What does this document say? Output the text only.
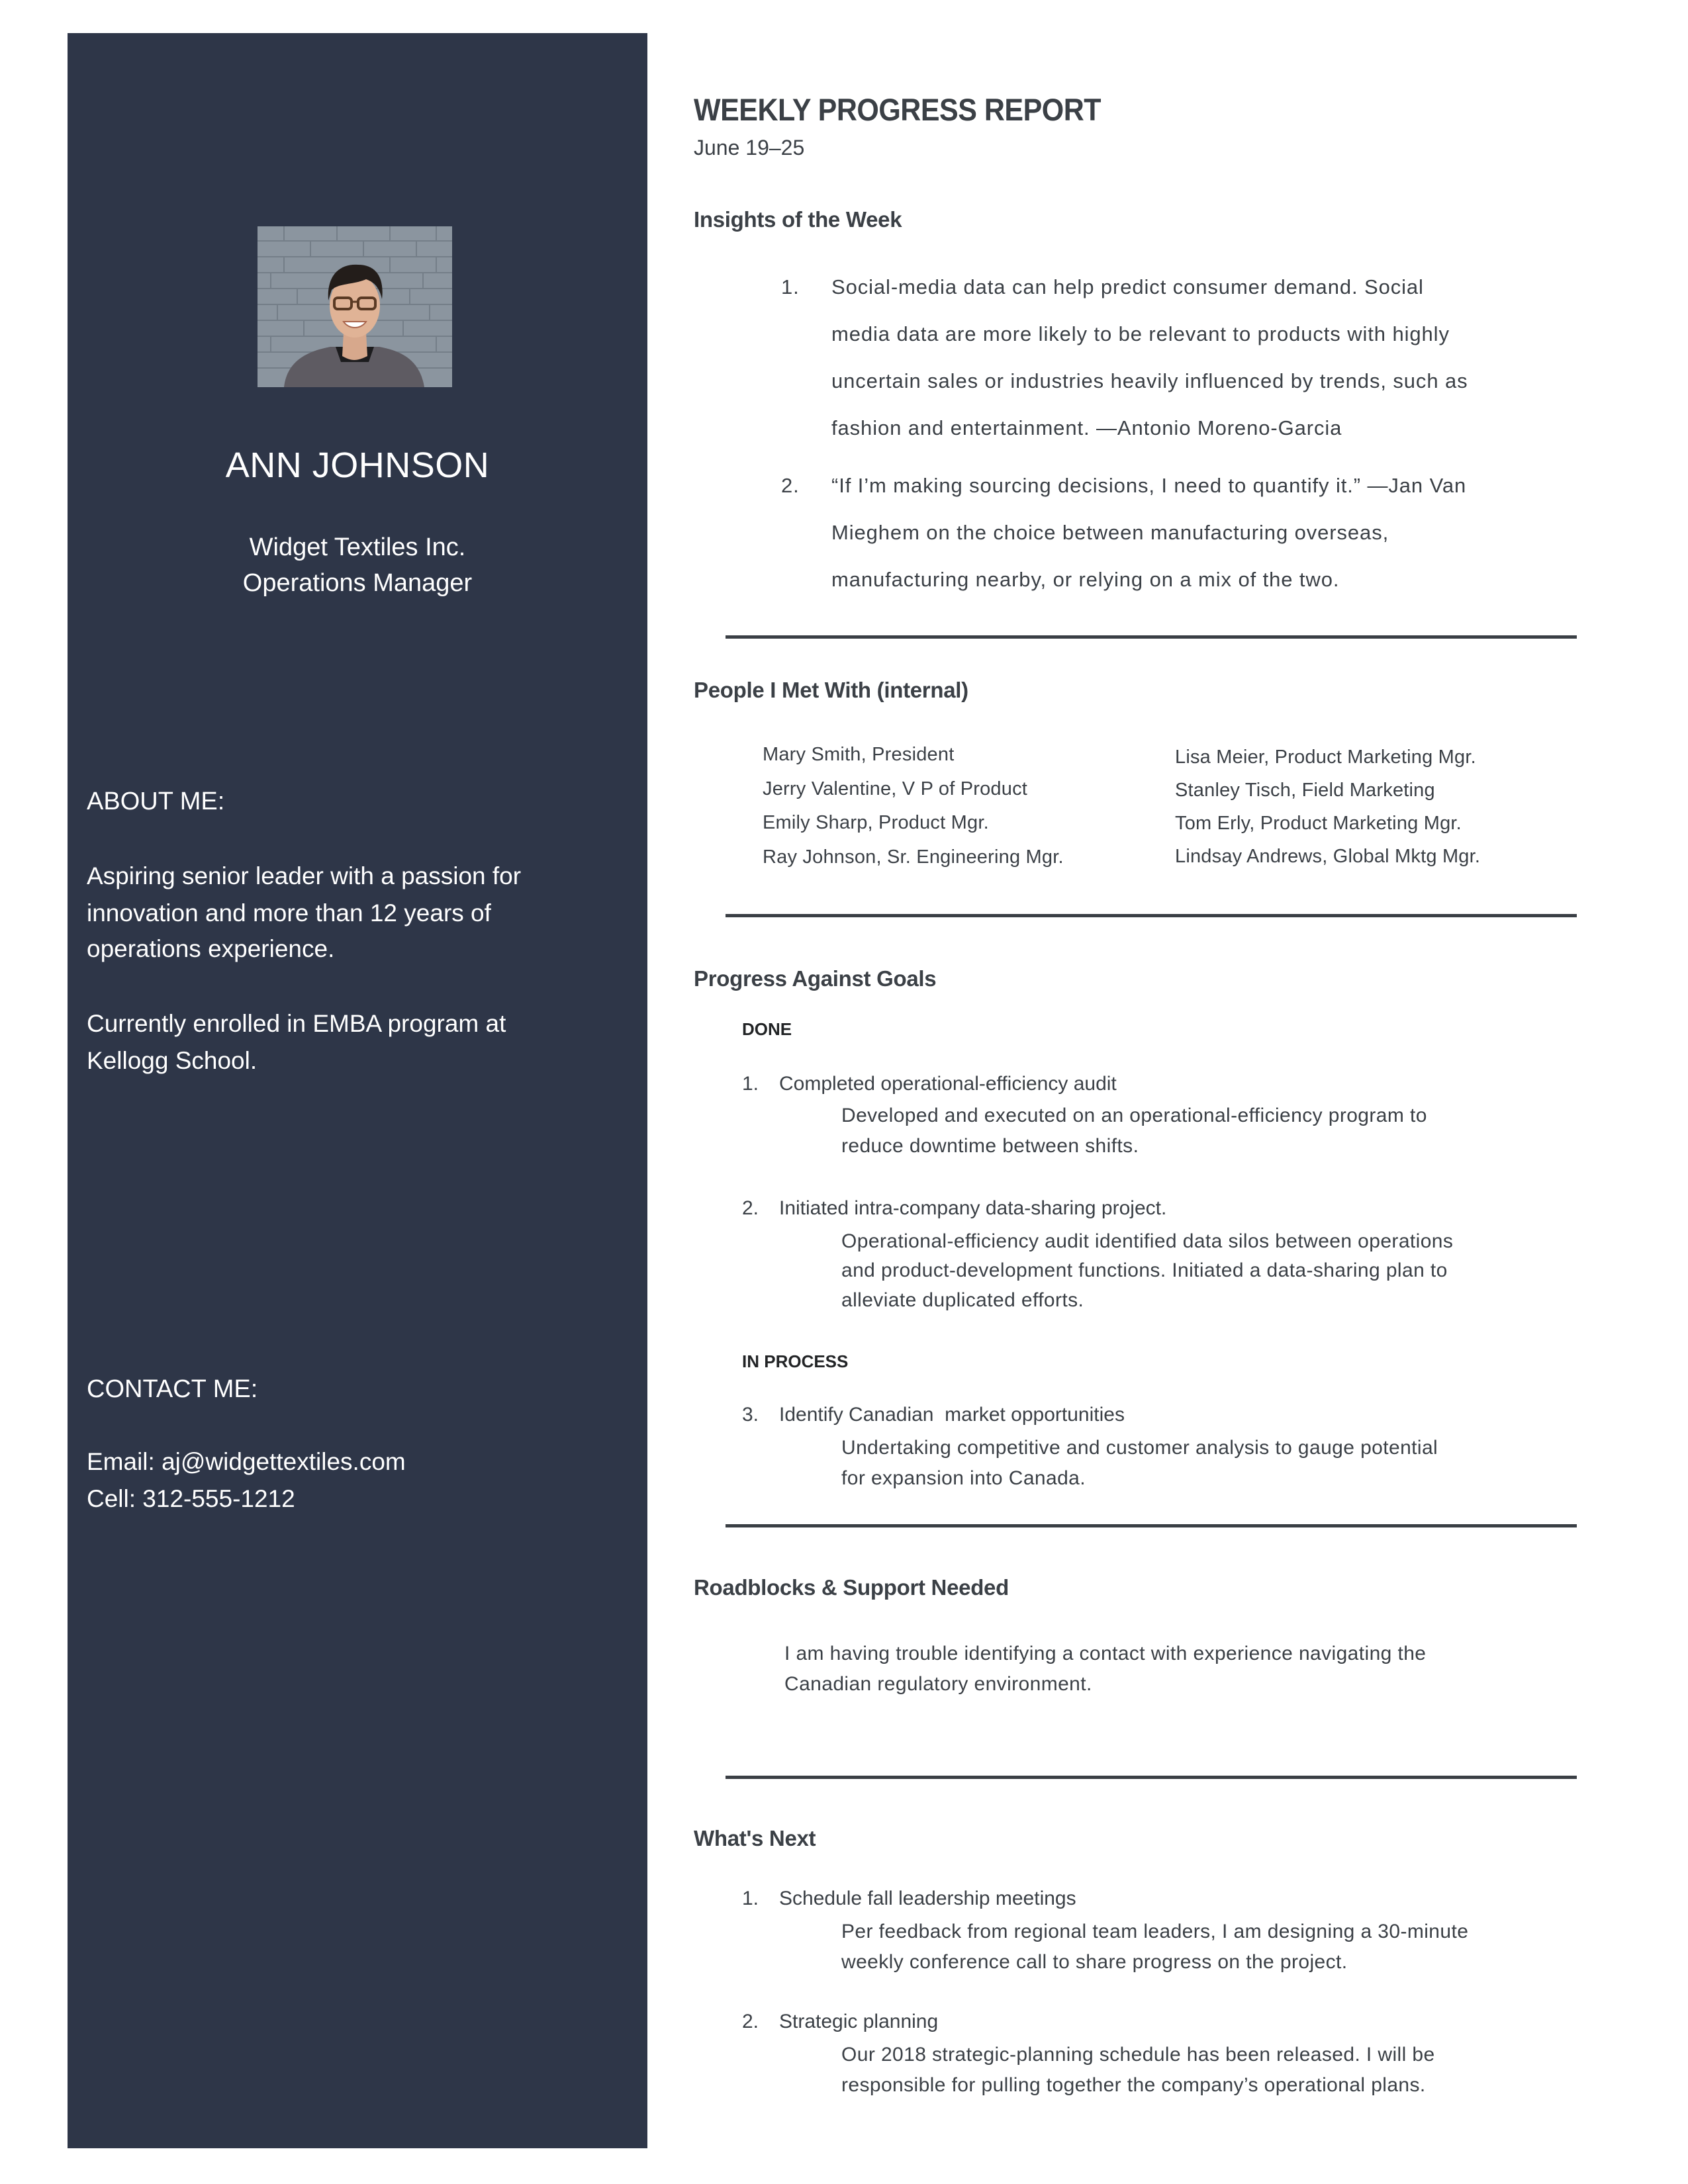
ANN JOHNSON
Widget Textiles Inc.
Operations Manager
ABOUT ME:
Aspiring senior leader with a passion for
innovation and more than 12 years of
operations experience.
Currently enrolled in EMBA program at
Kellogg School.
CONTACT ME:
Email: aj@widgettextiles.com
Cell: 312-555-1212
WEEKLY PROGRESS REPORT
June 19–25
Insights of the Week
1. Social-media data can help predict consumer demand. Social
media data are more likely to be relevant to products with highly
uncertain sales or industries heavily influenced by trends, such as
fashion and entertainment. —Antonio Moreno-Garcia
2. “If I’m making sourcing decisions, I need to quantify it.” —Jan Van
Mieghem on the choice between manufacturing overseas,
manufacturing nearby, or relying on a mix of the two.
People I Met With (internal)
Mary Smith, President
Jerry Valentine, V P of Product
Emily Sharp, Product Mgr.
Ray Johnson, Sr. Engineering Mgr.
Lisa Meier, Product Marketing Mgr.
Stanley Tisch, Field Marketing
Tom Erly, Product Marketing Mgr.
Lindsay Andrews, Global Mktg Mgr.
Progress Against Goals
DONE
1. Completed operational-efficiency audit
Developed and executed on an operational-efficiency program to
reduce downtime between shifts.
2. Initiated intra-company data-sharing project.
Operational-efficiency audit identified data silos between operations
and product-development functions. Initiated a data-sharing plan to
alleviate duplicated efforts.
IN PROCESS
3. Identify Canadian  market opportunities
Undertaking competitive and customer analysis to gauge potential
for expansion into Canada.
Roadblocks & Support Needed
I am having trouble identifying a contact with experience navigating the
Canadian regulatory environment.
What's Next
1. Schedule fall leadership meetings
Per feedback from regional team leaders, I am designing a 30-minute
weekly conference call to share progress on the project.
2. Strategic planning
Our 2018 strategic-planning schedule has been released. I will be
responsible for pulling together the company’s operational plans.
